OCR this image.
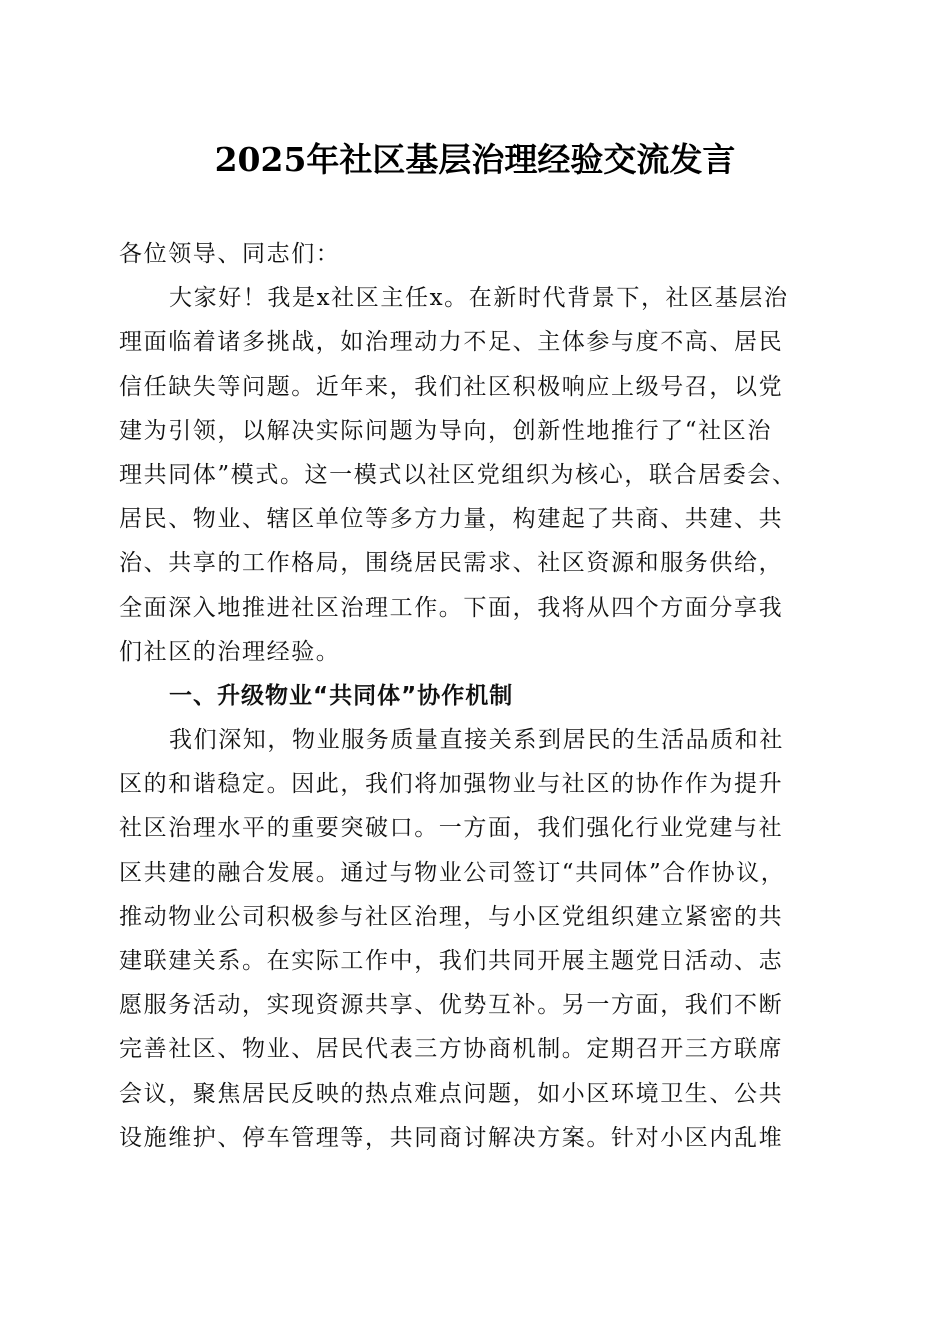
2025年社区基层治理经验交流发言
各位领导、同志们：
大家好！我是x社区主任x。在新时代背景下，社区基层治
理面临着诸多挑战，如治理动力不足、主体参与度不高、居民
信任缺失等问题。近年来，我们社区积极响应上级号召，以党
建为引领，以解决实际问题为导向，创新性地推行了“社区治
理共同体”模式。这一模式以社区党组织为核心，联合居委会、
居民、物业、辖区单位等多方力量，构建起了共商、共建、共
治、共享的工作格局，围绕居民需求、社区资源和服务供给，
全面深入地推进社区治理工作。下面，我将从四个方面分享我
们社区的治理经验。
一、升级物业“共同体”协作机制
我们深知，物业服务质量直接关系到居民的生活品质和社
区的和谐稳定。因此，我们将加强物业与社区的协作作为提升
社区治理水平的重要突破口。一方面，我们强化行业党建与社
区共建的融合发展。通过与物业公司签订“共同体”合作协议，
推动物业公司积极参与社区治理，与小区党组织建立紧密的共
建联建关系。在实际工作中，我们共同开展主题党日活动、志
愿服务活动，实现资源共享、优势互补。另一方面，我们不断
完善社区、物业、居民代表三方协商机制。定期召开三方联席
会议，聚焦居民反映的热点难点问题，如小区环境卫生、公共
设施维护、停车管理等，共同商讨解决方案。针对小区内乱堆
